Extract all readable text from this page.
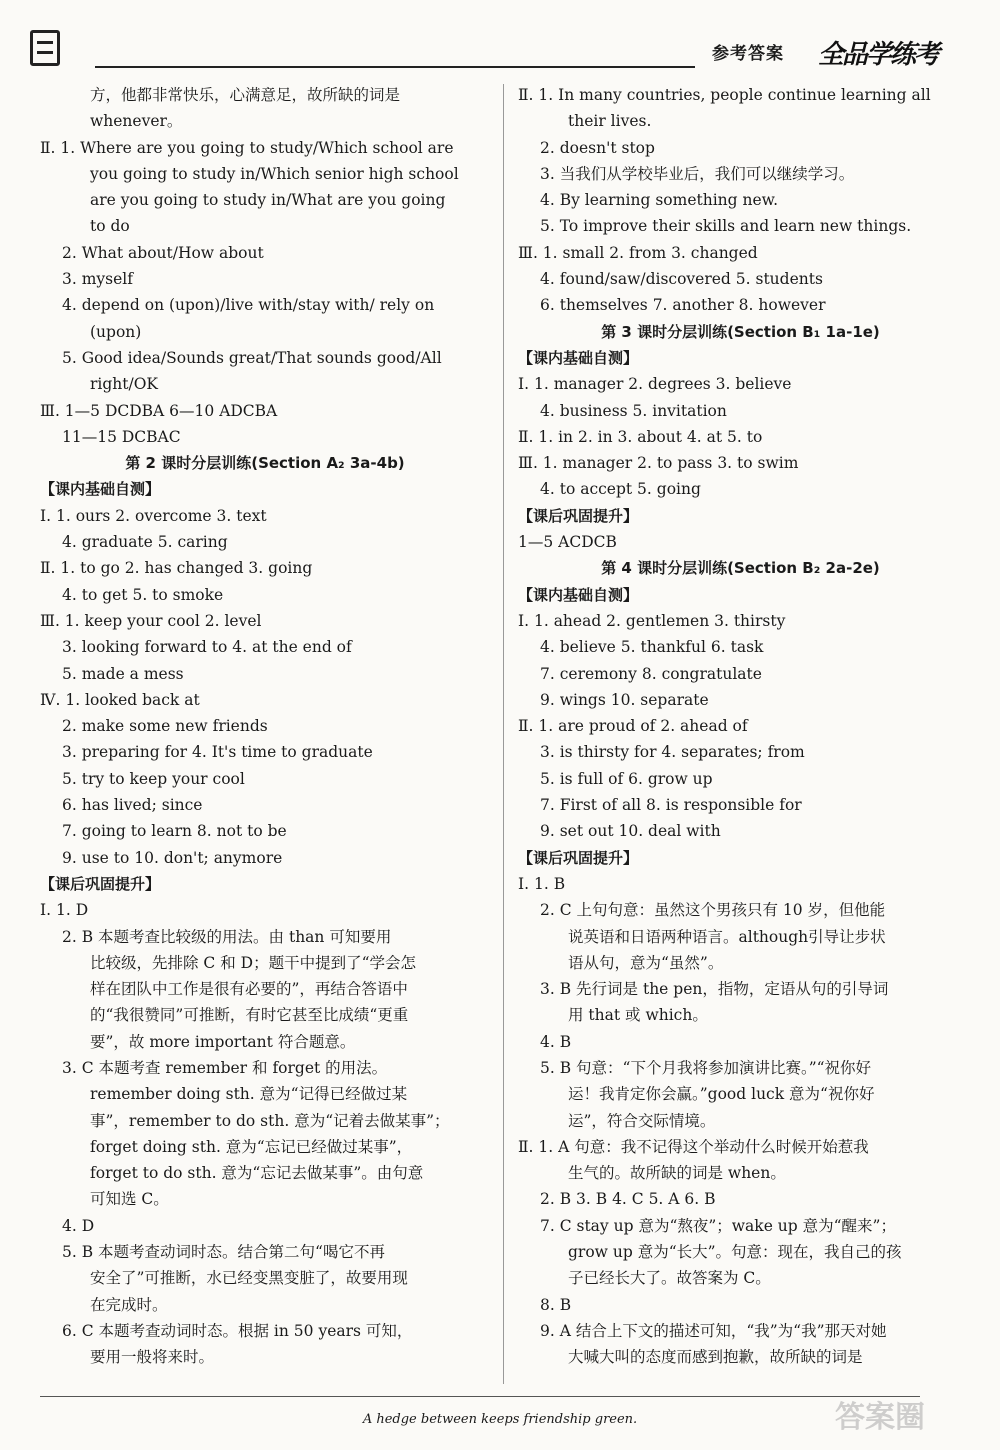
参考答案	全品学练考
方，他都非常快乐，心满意足，故所缺的词是
whenever。
Ⅱ. 1. Where are you going to study/Which school are
you going to study in/Which senior high school
are you going to study in/What are you going
to do
2. What about/How about
3. myself
4. depend on (upon)/live with/stay with/ rely on
(upon)
5. Good idea/Sounds great/That sounds good/All
right/OK
Ⅲ. 1—5 DCDBA 6—10 ADCBA
11—15 DCBAC
第 2 课时分层训练(Section A₂ 3a-4b)
【课内基础自测】
Ⅰ. 1. ours 2. overcome 3. text
4. graduate 5. caring
Ⅱ. 1. to go 2. has changed 3. going
4. to get 5. to smoke
Ⅲ. 1. keep your cool 2. level
3. looking forward to 4. at the end of
5. made a mess
Ⅳ. 1. looked back at
2. make some new friends
3. preparing for 4. It's time to graduate
5. try to keep your cool
6. has lived; since
7. going to learn 8. not to be
9. use to 10. don't; anymore
【课后巩固提升】
Ⅰ. 1. D
2. B 本题考查比较级的用法。由 than 可知要用
比较级，先排除 C 和 D；题干中提到了“学会怎
样在团队中工作是很有必要的”，再结合答语中
的“我很赞同”可推断，有时它甚至比成绩“更重
要”，故 more important 符合题意。
3. C 本题考查 remember 和 forget 的用法。
remember doing sth. 意为“记得已经做过某
事”，remember to do sth. 意为“记着去做某事”；
forget doing sth. 意为“忘记已经做过某事”，
forget to do sth. 意为“忘记去做某事”。由句意
可知选 C。
4. D
5. B 本题考查动词时态。结合第二句“喝它不再
安全了”可推断，水已经变黑变脏了，故要用现
在完成时。
6. C 本题考查动词时态。根据 in 50 years 可知，
要用一般将来时。
Ⅱ. 1. In many countries, people continue learning all
their lives.
2. doesn't stop
3. 当我们从学校毕业后，我们可以继续学习。
4. By learning something new.
5. To improve their skills and learn new things.
Ⅲ. 1. small 2. from 3. changed
4. found/saw/discovered 5. students
6. themselves 7. another 8. however
第 3 课时分层训练(Section B₁ 1a-1e)
【课内基础自测】
Ⅰ. 1. manager 2. degrees 3. believe
4. business 5. invitation
Ⅱ. 1. in 2. in 3. about 4. at 5. to
Ⅲ. 1. manager 2. to pass 3. to swim
4. to accept 5. going
【课后巩固提升】
1—5 ACDCB
第 4 课时分层训练(Section B₂ 2a-2e)
【课内基础自测】
Ⅰ. 1. ahead 2. gentlemen 3. thirsty
4. believe 5. thankful 6. task
7. ceremony 8. congratulate
9. wings 10. separate
Ⅱ. 1. are proud of 2. ahead of
3. is thirsty for 4. separates; from
5. is full of 6. grow up
7. First of all 8. is responsible for
9. set out 10. deal with
【课后巩固提升】
Ⅰ. 1. B
2. C 上句句意：虽然这个男孩只有 10 岁，但他能
说英语和日语两种语言。although引导让步状
语从句，意为“虽然”。
3. B 先行词是 the pen，指物，定语从句的引导词
用 that 或 which。
4. B
5. B 句意：“下个月我将参加演讲比赛。”“祝你好
运！我肯定你会赢。”good luck 意为“祝你好
运”，符合交际情境。
Ⅱ. 1. A 句意：我不记得这个举动什么时候开始惹我
生气的。故所缺的词是 when。
2. B 3. B 4. C 5. A 6. B
7. C stay up 意为“熬夜”；wake up 意为“醒来”；
grow up 意为“长大”。句意：现在，我自己的孩
子已经长大了。故答案为 C。
8. B
9. A 结合上下文的描述可知，“我”为“我”那天对她
大喊大叫的态度而感到抱歉，故所缺的词是
A hedge between keeps friendship green.	答案圈
